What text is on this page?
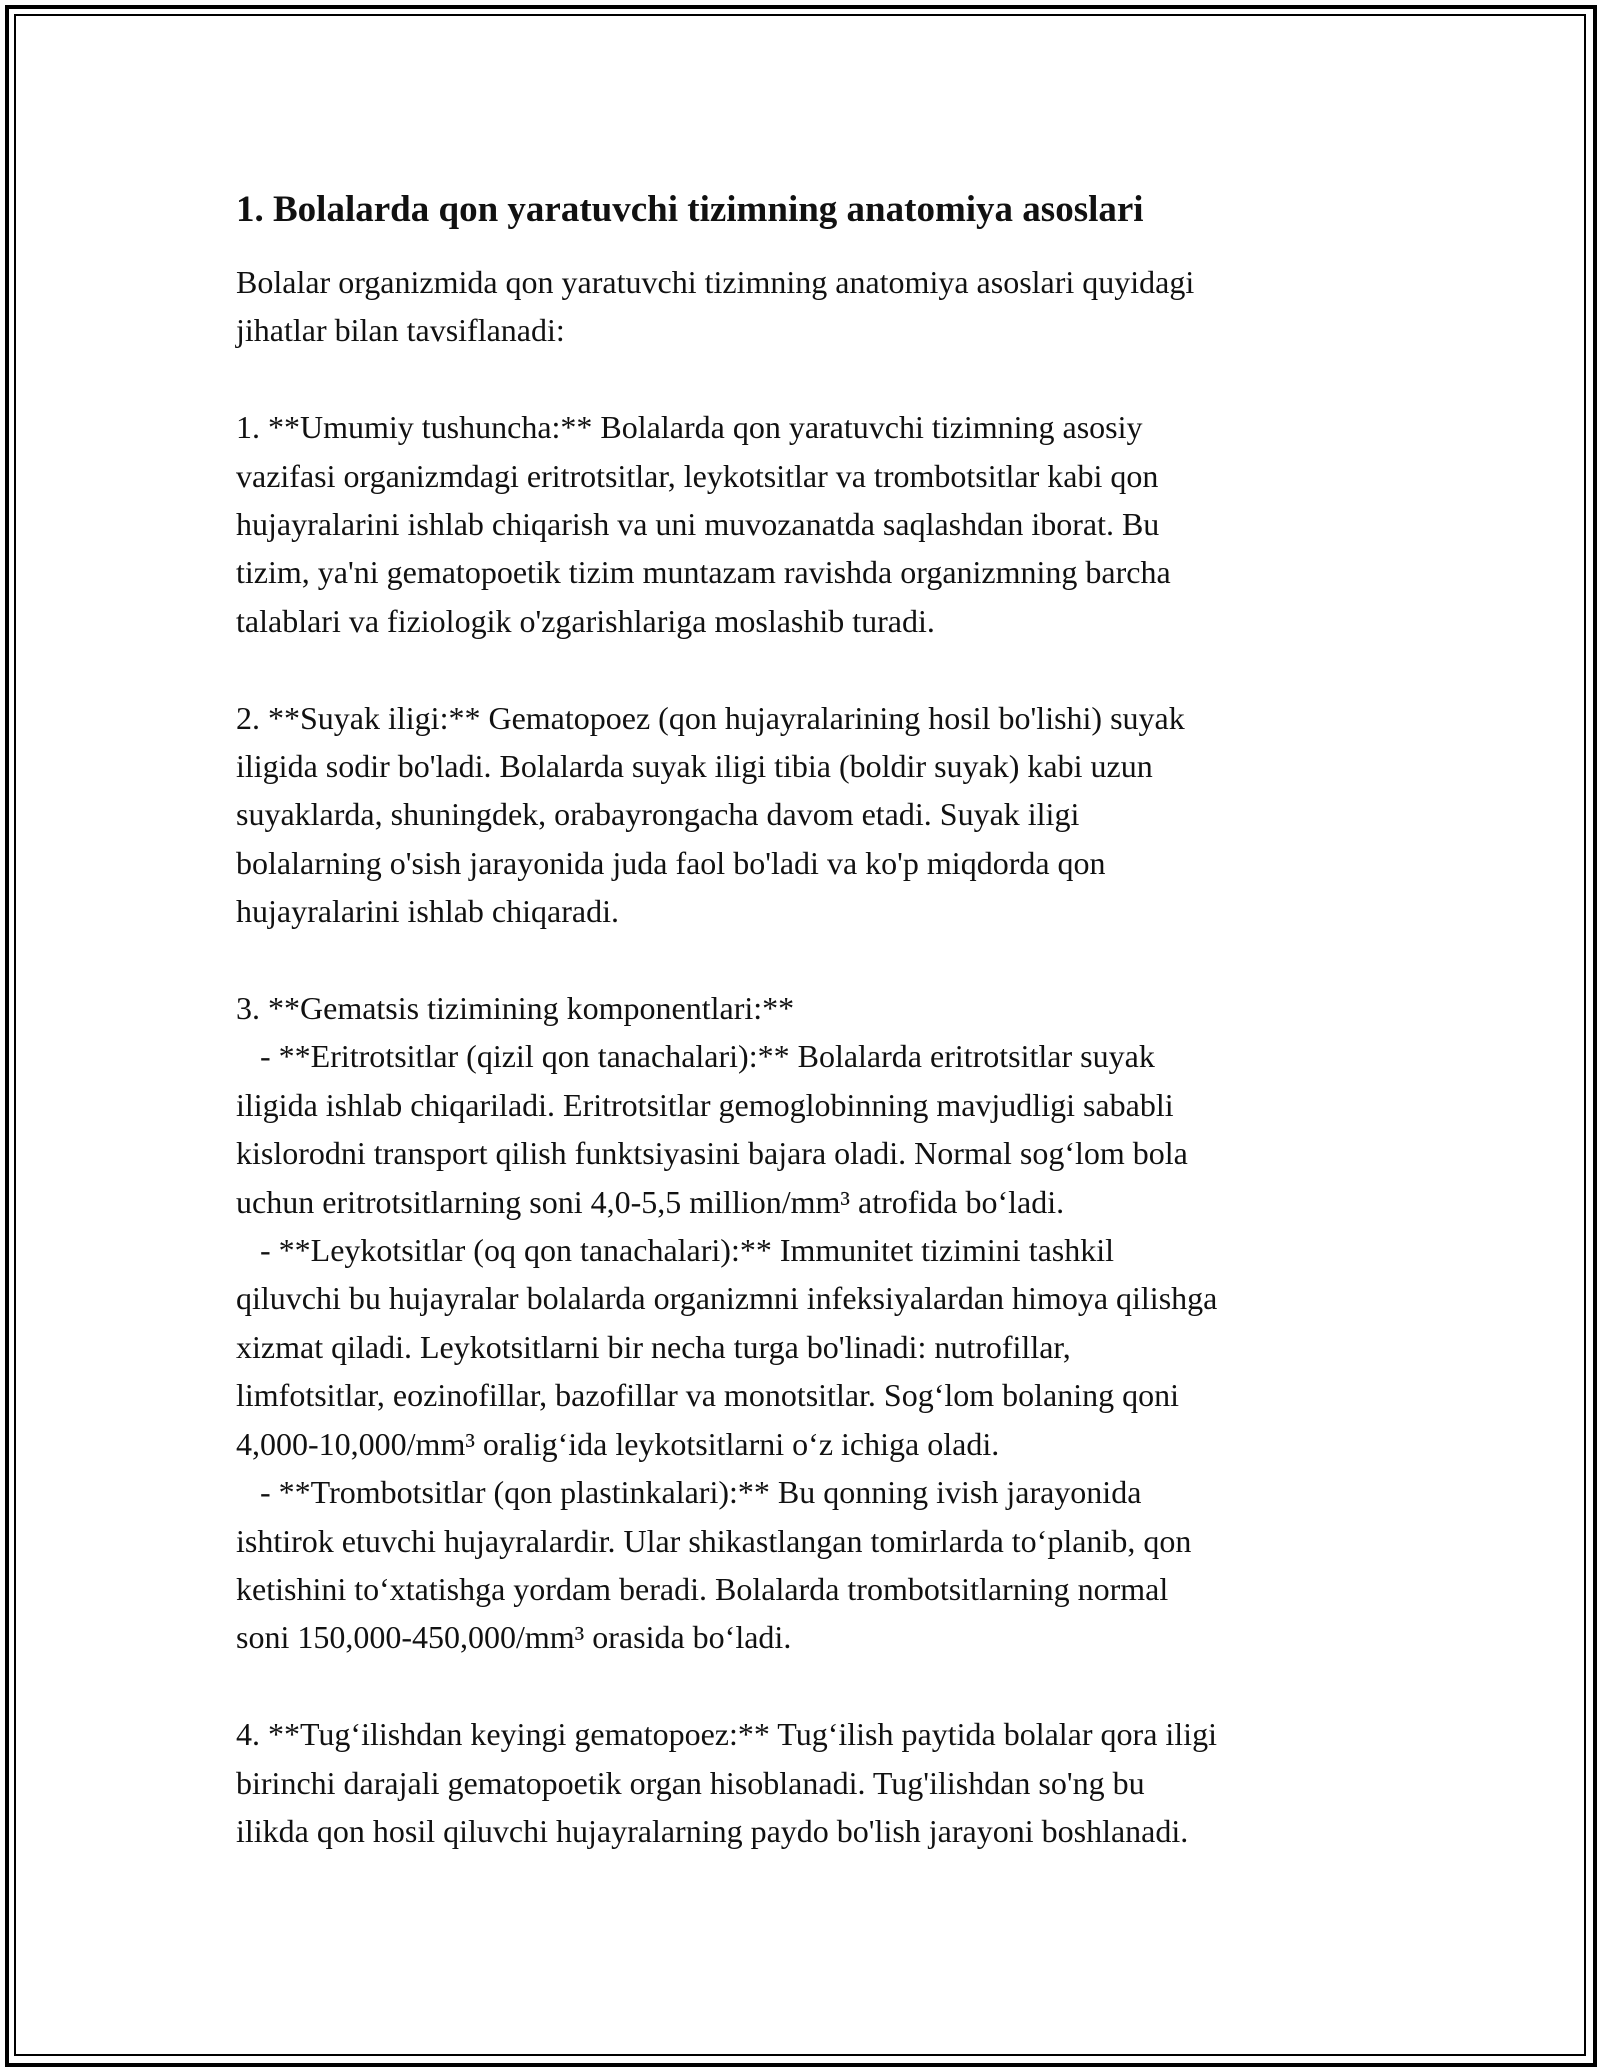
1. Bolalarda qon yaratuvchi tizimning anatomiya asoslari

Bolalar organizmida qon yaratuvchi tizimning anatomiya asoslari quyidagi
jihatlar bilan tavsiflanadi:

1. **Umumiy tushuncha:** Bolalarda qon yaratuvchi tizimning asosiy
vazifasi organizmdagi eritrotsitlar, leykotsitlar va trombotsitlar kabi qon
hujayralarini ishlab chiqarish va uni muvozanatda saqlashdan iborat. Bu
tizim, ya'ni gematopoetik tizim muntazam ravishda organizmning barcha
talablari va fiziologik o'zgarishlariga moslashib turadi.

2. **Suyak iligi:** Gematopoez (qon hujayralarining hosil bo'lishi) suyak
iligida sodir bo'ladi. Bolalarda suyak iligi tibia (boldir suyak) kabi uzun
suyaklarda, shuningdek, orabayrongacha davom etadi. Suyak iligi
bolalarning o'sish jarayonida juda faol bo'ladi va ko'p miqdorda qon
hujayralarini ishlab chiqaradi.

3. **Gematsis tizimining komponentlari:**
- **Eritrotsitlar (qizil qon tanachalari):** Bolalarda eritrotsitlar suyak
iligida ishlab chiqariladi. Eritrotsitlar gemoglobinning mavjudligi sababli
kislorodni transport qilish funktsiyasini bajara oladi. Normal sog‘lom bola
uchun eritrotsitlarning soni 4,0-5,5 million/mm³ atrofida bo‘ladi.
- **Leykotsitlar (oq qon tanachalari):** Immunitet tizimini tashkil
qiluvchi bu hujayralar bolalarda organizmni infeksiyalardan himoya qilishga
xizmat qiladi. Leykotsitlarni bir necha turga bo'linadi: nutrofillar,
limfotsitlar, eozinofillar, bazofillar va monotsitlar. Sog‘lom bolaning qoni
4,000-10,000/mm³ oralig‘ida leykotsitlarni o‘z ichiga oladi.
- **Trombotsitlar (qon plastinkalari):** Bu qonning ivish jarayonida
ishtirok etuvchi hujayralardir. Ular shikastlangan tomirlarda to‘planib, qon
ketishini to‘xtatishga yordam beradi. Bolalarda trombotsitlarning normal
soni 150,000-450,000/mm³ orasida bo‘ladi.

4. **Tug‘ilishdan keyingi gematopoez:** Tug‘ilish paytida bolalar qora iligi
birinchi darajali gematopoetik organ hisoblanadi. Tug'ilishdan so'ng bu
ilikda qon hosil qiluvchi hujayralarning paydo bo'lish jarayoni boshlanadi.
